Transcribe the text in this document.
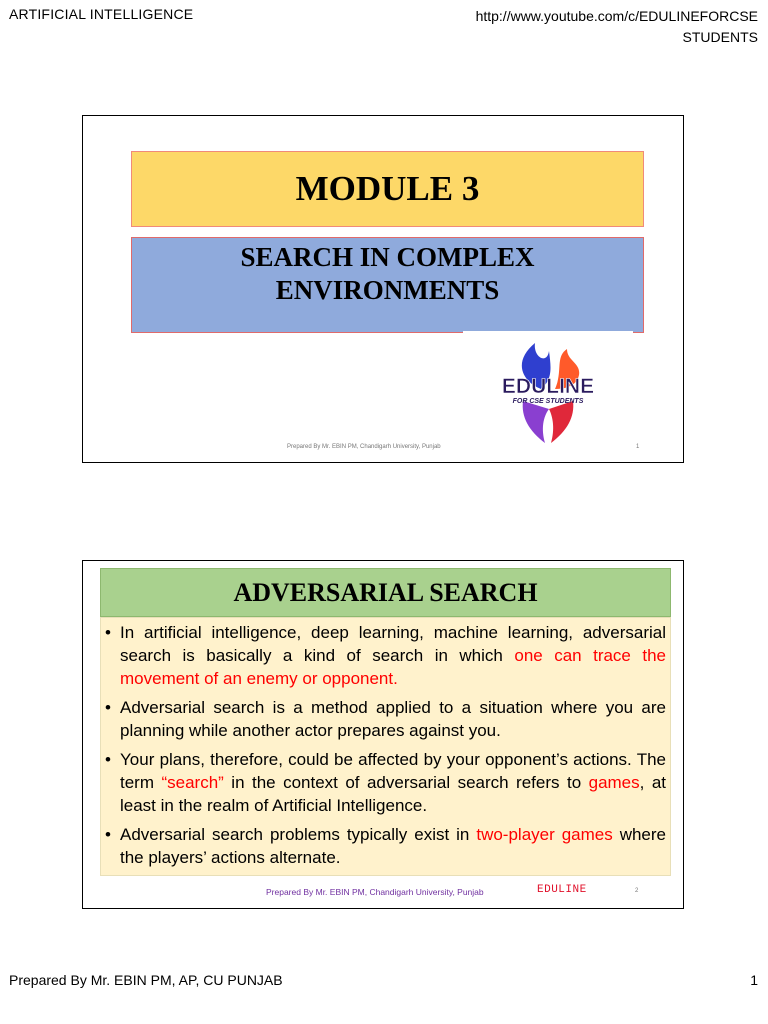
ARTIFICIAL INTELLIGENCE	http://www.youtube.com/c/EDULINEFORCSE
STUDENTS
MODULE 3
SEARCH IN COMPLEX
ENVIRONMENTS
EDULINE
FOR CSE STUDENTS
Prepared By Mr. EBIN PM, Chandigarh University, Punjab	1
ADVERSARIAL SEARCH
• In artificial intelligence, deep learning, machine learning, adversarial search is basically a kind of search in which one can trace the movement of an enemy or opponent.
• Adversarial search is a method applied to a situation where you are planning while another actor prepares against you.
• Your plans, therefore, could be affected by your opponent’s actions. The term “search” in the context of adversarial search refers to games, at least in the realm of Artificial Intelligence.
• Adversarial search problems typically exist in two-player games where the players’ actions alternate.
Prepared By Mr. EBIN PM, Chandigarh University, Punjab	EDULINE	2
Prepared By Mr. EBIN PM, AP, CU PUNJAB	1
